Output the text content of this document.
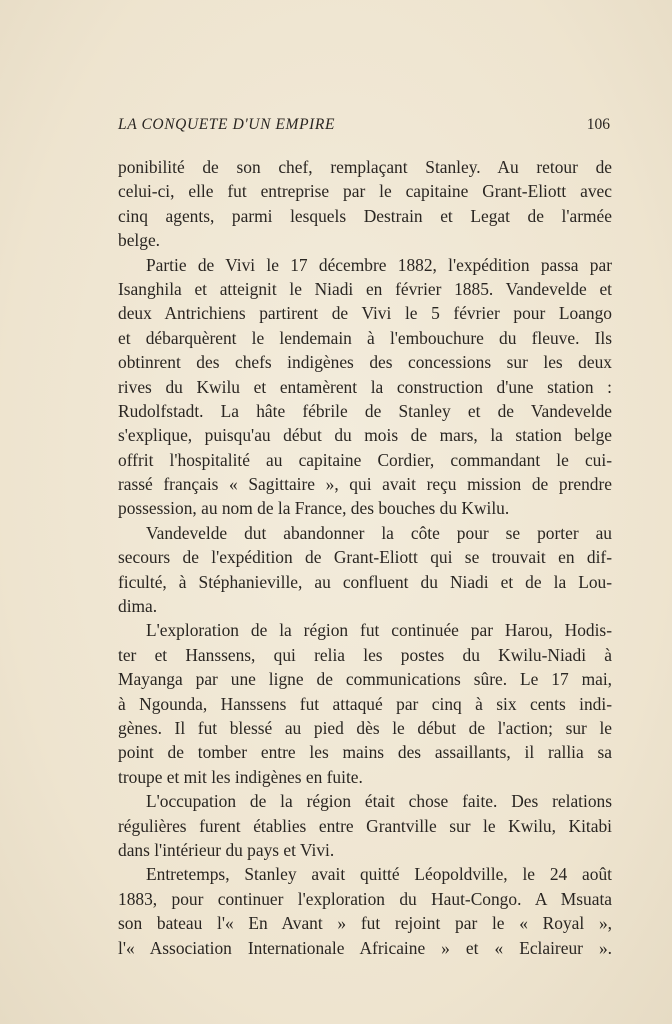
LA CONQUETE D'UN EMPIRE	106
ponibilité de son chef, remplaçant Stanley. Au retour de
celui-ci, elle fut entreprise par le capitaine Grant-Eliott avec
cinq agents, parmi lesquels Destrain et Legat de l'armée
belge.
Partie de Vivi le 17 décembre 1882, l'expédition passa par
Isanghila et atteignit le Niadi en février 1885. Vandevelde et
deux Antrichiens partirent de Vivi le 5 février pour Loango
et débarquèrent le lendemain à l'embouchure du fleuve. Ils
obtinrent des chefs indigènes des concessions sur les deux
rives du Kwilu et entamèrent la construction d'une station :
Rudolfstadt. La hâte fébrile de Stanley et de Vandevelde
s'explique, puisqu'au début du mois de mars, la station belge
offrit l'hospitalité au capitaine Cordier, commandant le cui-
rassé français « Sagittaire », qui avait reçu mission de prendre
possession, au nom de la France, des bouches du Kwilu.
Vandevelde dut abandonner la côte pour se porter au
secours de l'expédition de Grant-Eliott qui se trouvait en dif-
ficulté, à Stéphanieville, au confluent du Niadi et de la Lou-
dima.
L'exploration de la région fut continuée par Harou, Hodis-
ter et Hanssens, qui relia les postes du Kwilu-Niadi à
Mayanga par une ligne de communications sûre. Le 17 mai,
à Ngounda, Hanssens fut attaqué par cinq à six cents indi-
gènes. Il fut blessé au pied dès le début de l'action; sur le
point de tomber entre les mains des assaillants, il rallia sa
troupe et mit les indigènes en fuite.
L'occupation de la région était chose faite. Des relations
régulières furent établies entre Grantville sur le Kwilu, Kitabi
dans l'intérieur du pays et Vivi.
Entretemps, Stanley avait quitté Léopoldville, le 24 août
1883, pour continuer l'exploration du Haut-Congo. A Msuata
son bateau l'« En Avant » fut rejoint par le « Royal »,
l'« Association Internationale Africaine » et « Eclaireur ».
